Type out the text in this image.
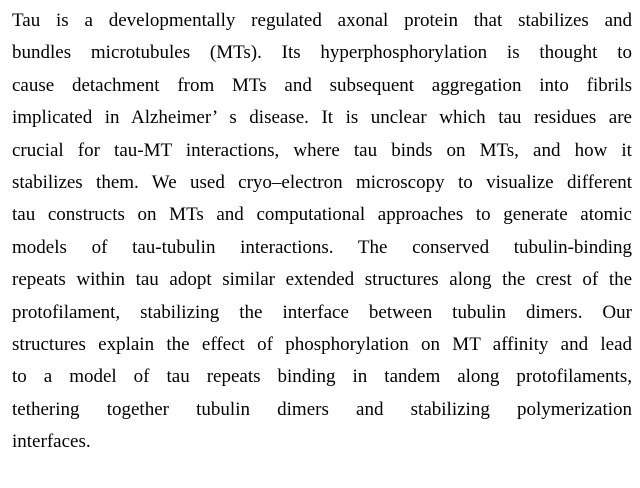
Tau is a developmentally regulated axonal protein that stabilizes and
bundles microtubules (MTs). Its hyperphosphorylation is thought to
cause detachment from MTs and subsequent aggregation into fibrils
implicated in Alzheimer’ s disease. It is unclear which tau residues are
crucial for tau-MT interactions, where tau binds on MTs, and how it
stabilizes them. We used cryo–electron microscopy to visualize different
tau constructs on MTs and computational approaches to generate atomic
models of tau-tubulin interactions. The conserved tubulin-binding
repeats within tau adopt similar extended structures along the crest of the
protofilament, stabilizing the interface between tubulin dimers. Our
structures explain the effect of phosphorylation on MT affinity and lead
to a model of tau repeats binding in tandem along protofilaments,
tethering together tubulin dimers and stabilizing polymerization
interfaces.
